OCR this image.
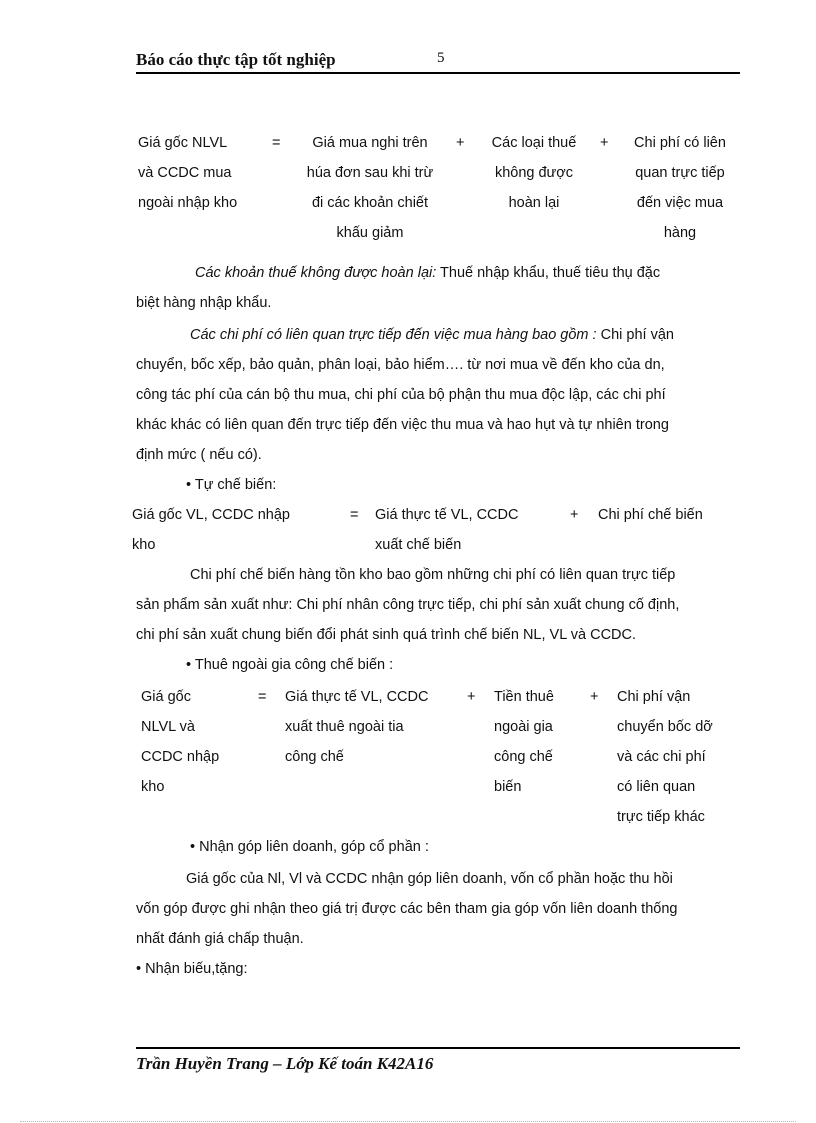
Báo cáo thực tập tốt nghiệp	5
Giá gốc NLVL
và CCDC mua
ngoài nhập kho
=	Giá mua nghi trên
húa đơn sau khi trừ
đi các khoản chiết
khấu giảm
+	Các loại thuế
không được
hoàn lại
+	Chi phí có liên
quan trực tiếp
đến việc mua
hàng
Các khoản thuế không được hoàn lại: Thuế nhập khẩu, thuế tiêu thụ đặc
biệt hàng nhập khẩu.
Các chi phí có liên quan trực tiếp đến việc mua hàng bao gồm : Chi phí vận
chuyển, bốc xếp, bảo quản, phân loại, bảo hiểm…. từ nơi mua về đến kho của dn,
công tác phí của cán bộ thu mua, chi phí của bộ phận thu mua độc lập, các chi phí
khác khác có liên quan đến trực tiếp đến việc thu mua và hao hụt và tự nhiên trong
định mức ( nếu có).
• Tự chế biến:
Giá gốc VL, CCDC nhập
kho
= Giá thực tế VL, CCDC
xuất chế biến
+ Chi phí chế biến
Chi phí chế biến hàng tồn kho bao gồm những chi phí có liên quan trực tiếp
sản phẩm sản xuất như: Chi phí nhân công trực tiếp, chi phí sản xuất chung cố định,
chi phí sản xuất chung biến đổi phát sinh quá trình chế biến NL, VL và CCDC.
• Thuê ngoài gia công chế biến :
Giá gốc
NLVL và
CCDC nhập
kho
= Giá thực tế VL, CCDC
xuất thuê ngoài tia
công chế
+ Tiền thuê
ngoài gia
công chế
biến
+ Chi phí vận
chuyển bốc dỡ
và các chi phí
có liên quan
trực tiếp khác
• Nhận góp liên doanh, góp cổ phần :
Giá gốc của Nl, Vl và CCDC nhận góp liên doanh, vốn cổ phần hoặc thu hồi
vốn góp được ghi nhận theo giá trị được các bên tham gia góp vốn liên doanh thống
nhất đánh giá chấp thuận.
• Nhận biếu,tặng:
Trần Huyền Trang – Lớp Kế toán K42A16
